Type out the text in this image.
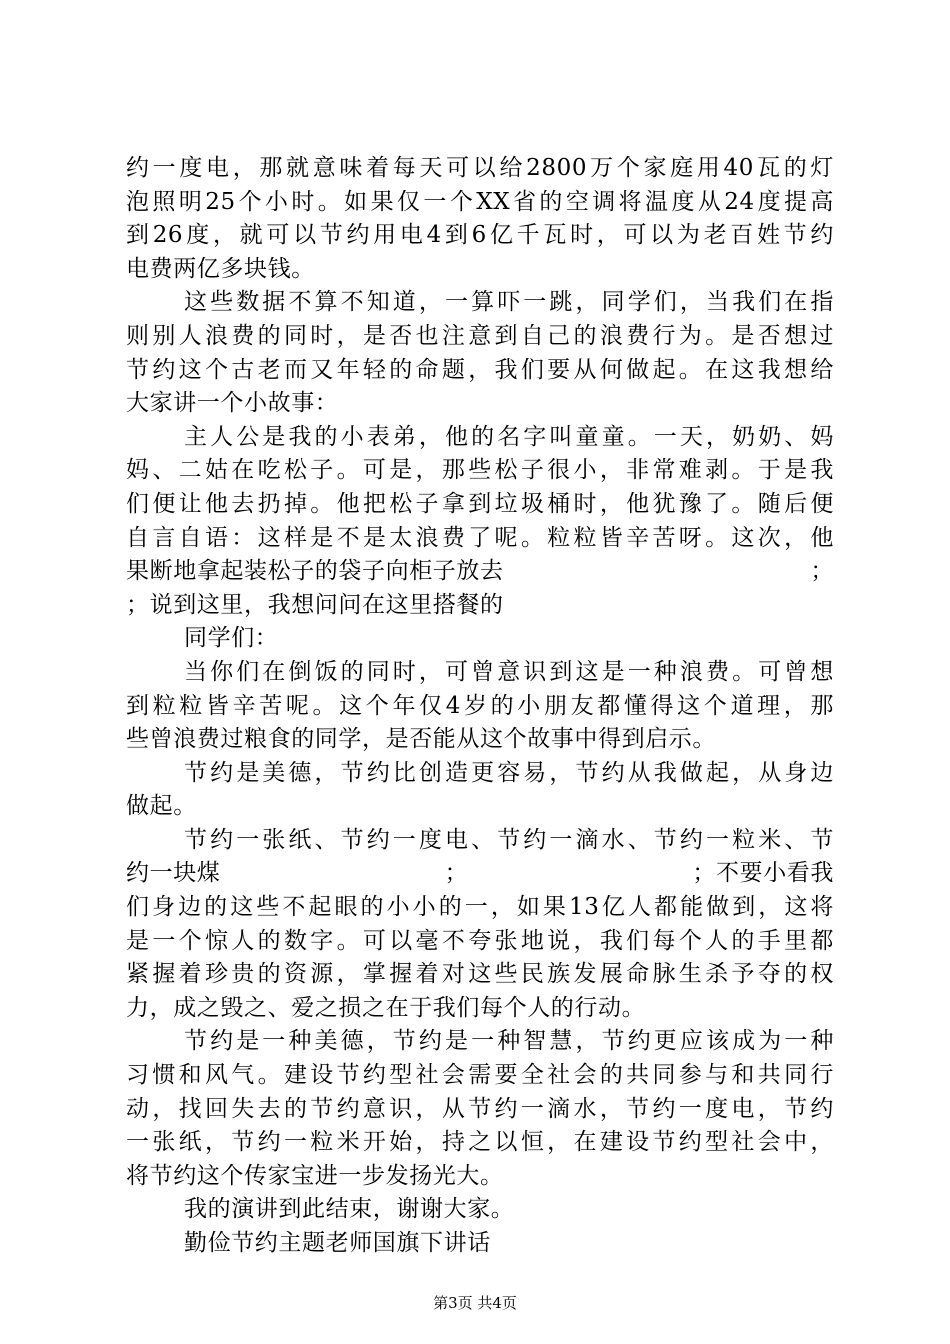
约一度电，那就意味着每天可以给2800万个家庭用40瓦的灯
泡照明25个小时。如果仅一个XX省的空调将温度从24度提高
到26度，就可以节约用电4到6亿千瓦时，可以为老百姓节约
电费两亿多块钱。
这些数据不算不知道，一算吓一跳，同学们，当我们在指
则别人浪费的同时，是否也注意到自己的浪费行为。是否想过
节约这个古老而又年轻的命题，我们要从何做起。在这我想给
大家讲一个小故事：
主人公是我的小表弟，他的名字叫童童。一天，奶奶、妈
妈、二姑在吃松子。可是，那些松子很小，非常难剥。于是我
们便让他去扔掉。他把松子拿到垃圾桶时，他犹豫了。随后便
自言自语：这样是不是太浪费了呢。粒粒皆辛苦呀。这次，他
果断地拿起装松子的袋子向柜子放去	；
；说到这里，我想问问在这里搭餐的
同学们：
当你们在倒饭的同时，可曾意识到这是一种浪费。可曾想
到粒粒皆辛苦呢。这个年仅4岁的小朋友都懂得这个道理，那
些曾浪费过粮食的同学，是否能从这个故事中得到启示。
节约是美德，节约比创造更容易，节约从我做起，从身边
做起。
节约一张纸、节约一度电、节约一滴水、节约一粒米、节
约一块煤	；	；不要小看我
们身边的这些不起眼的小小的一，如果13亿人都能做到，这将
是一个惊人的数字。可以毫不夸张地说，我们每个人的手里都
紧握着珍贵的资源，掌握着对这些民族发展命脉生杀予夺的权
力，成之毁之、爱之损之在于我们每个人的行动。
节约是一种美德，节约是一种智慧，节约更应该成为一种
习惯和风气。建设节约型社会需要全社会的共同参与和共同行
动，找回失去的节约意识，从节约一滴水，节约一度电，节约
一张纸，节约一粒米开始，持之以恒，在建设节约型社会中，
将节约这个传家宝进一步发扬光大。
我的演讲到此结束，谢谢大家。
勤俭节约主题老师国旗下讲话
第3页 共4页
